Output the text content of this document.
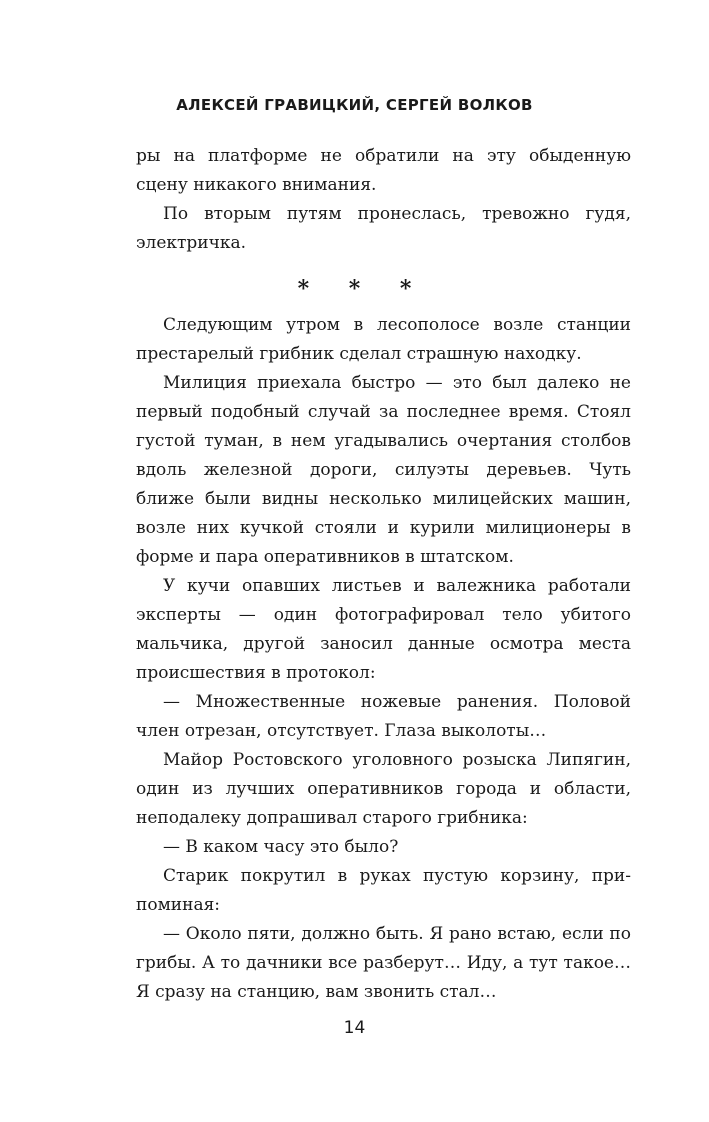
АЛЕКСЕЙ ГРАВИЦКИЙ, СЕРГЕЙ ВОЛКОВ

ры на платформе не обратили на эту обыденную сцену никакого внимания.

По вторым путям пронеслась, тревожно гудя, электричка.

* * *

Следующим утром в лесополосе возле станции престарелый грибник сделал страшную находку.

Милиция приехала быстро — это был далеко не первый подобный случай за последнее время. Стоял густой туман, в нем угадывались очертания столбов вдоль железной дороги, силуэты деревьев. Чуть ближе были видны несколько милицейских машин, возле них кучкой стояли и курили милиционеры в форме и пара оперативников в штатском.

У кучи опавших листьев и валежника работали эксперты — один фотографировал тело убитого мальчика, другой заносил данные осмотра места происшествия в протокол:

— Множественные ножевые ранения. Половой член отрезан, отсутствует. Глаза выколоты…

Майор Ростовского уголовного розыска Липягин, один из лучших оперативников города и области, неподалеку допрашивал старого грибника:

— В каком часу это было?

Старик покрутил в руках пустую корзину, припоминая:

— Около пяти, должно быть. Я рано встаю, если по грибы. А то дачники все разберут… Иду, а тут такое… Я сразу на станцию, вам звонить стал…

14
